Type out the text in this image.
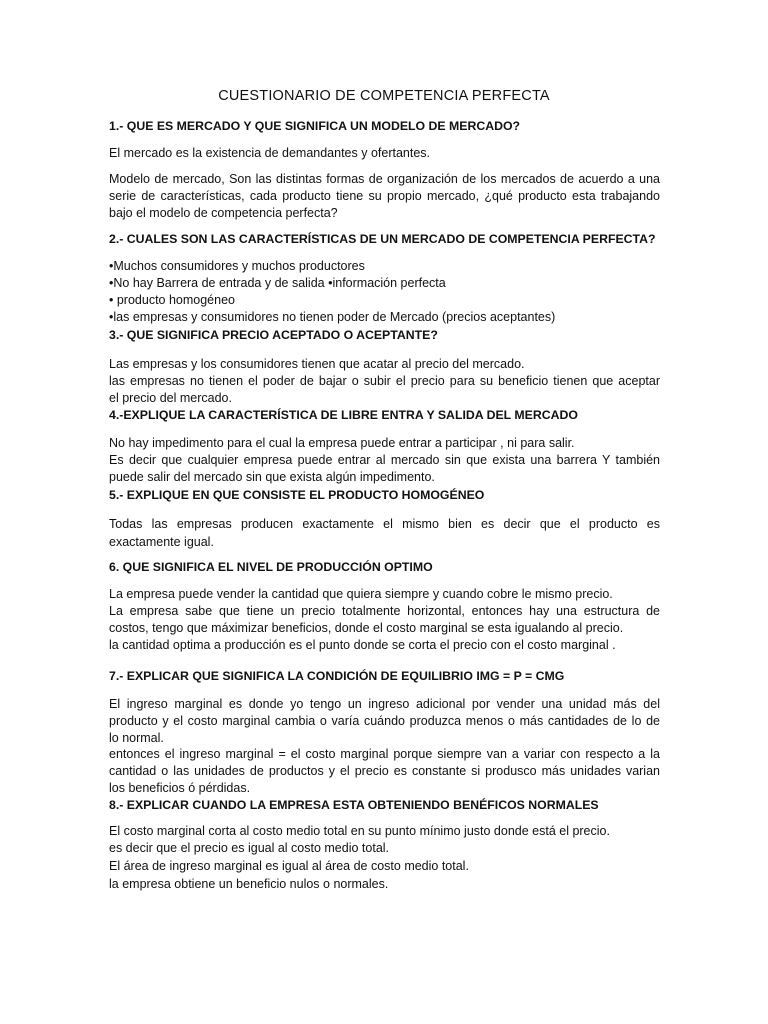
CUESTIONARIO DE COMPETENCIA PERFECTA
1.- QUE ES MERCADO Y QUE SIGNIFICA UN MODELO DE MERCADO?
El mercado es la existencia de demandantes y ofertantes.
Modelo de mercado, Son las distintas formas de organización de los mercados de acuerdo a una
serie de características, cada producto tiene su propio mercado, ¿qué producto esta trabajando
bajo el modelo de competencia perfecta?
2.- CUALES SON LAS CARACTERÍSTICAS DE UN MERCADO DE COMPETENCIA PERFECTA?
•Muchos consumidores y muchos productores
•No hay Barrera de entrada y de salida •información perfecta
• producto homogéneo
•las empresas y consumidores no tienen poder de Mercado (precios aceptantes)
3.- QUE SIGNIFICA PRECIO ACEPTADO O ACEPTANTE?
Las empresas y los consumidores tienen que acatar al precio del mercado.
las empresas no tienen el poder de bajar o subir el precio para su beneficio tienen que aceptar
el precio del mercado.
4.-EXPLIQUE LA CARACTERÍSTICA DE LIBRE ENTRA Y SALIDA DEL MERCADO
No hay impedimento para el cual la empresa puede entrar a participar , ni para salir.
Es decir que cualquier empresa puede entrar al mercado sin que exista una barrera Y también
puede salir del mercado sin que exista algún impedimento.
5.- EXPLIQUE EN QUE CONSISTE EL PRODUCTO HOMOGÉNEO
Todas las empresas producen exactamente el mismo bien es decir que el producto es
exactamente igual.
6. QUE SIGNIFICA EL NIVEL DE PRODUCCIÓN OPTIMO
La empresa puede vender la cantidad que quiera siempre y cuando cobre le mismo precio.
La empresa sabe que tiene un precio totalmente horizontal, entonces hay una estructura de
costos, tengo que máximizar beneficios, donde el costo marginal se esta igualando al precio.
la cantidad optima a producción es el punto donde se corta el precio con el costo marginal .
7.- EXPLICAR QUE SIGNIFICA LA CONDICIÓN DE EQUILIBRIO IMG = P = CMG
El ingreso marginal es donde yo tengo un ingreso adicional por vender una unidad más del
producto y el costo marginal cambia o varía cuándo produzca menos o más cantidades de lo de
lo normal.
entonces el ingreso marginal = el costo marginal porque siempre van a variar con respecto a la
cantidad o las unidades de productos y el precio es constante si produsco más unidades varian
los beneficios ó pérdidas.
8.- EXPLICAR CUANDO LA EMPRESA ESTA OBTENIENDO BENÉFICOS NORMALES
El costo marginal corta al costo medio total en su punto mínimo justo donde está el precio.
es decir que el precio es igual al costo medio total.
El área de ingreso marginal es igual al área de costo medio total.
la empresa obtiene un beneficio nulos o normales.
